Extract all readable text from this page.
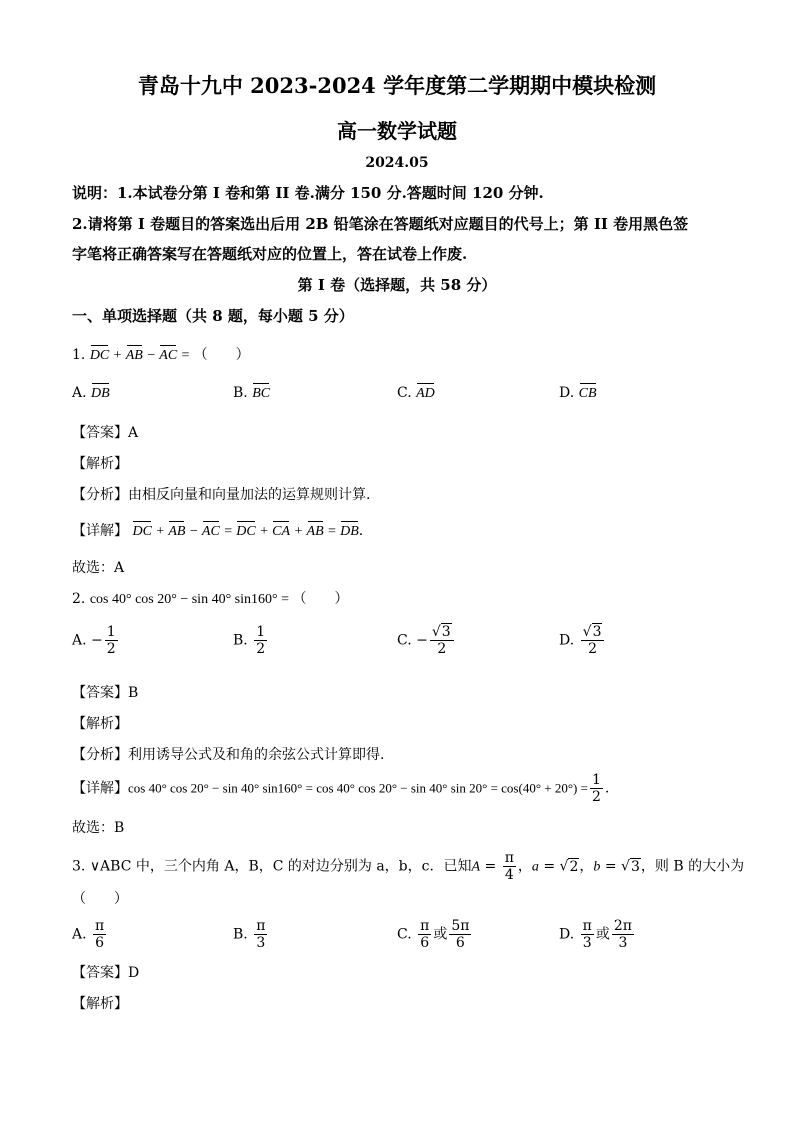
青岛十九中 2023-2024 学年度第二学期期中模块检测
高一数学试题
2024.05
说明：1.本试卷分第 I 卷和第 II 卷.满分 150 分.答题时间 120 分钟.
2.请将第 I 卷题目的答案选出后用 2B 铅笔涂在答题纸对应题目的代号上；第 II 卷用黑色签
字笔将正确答案写在答题纸对应的位置上，答在试卷上作废.
第 I 卷（选择题，共 58 分）
一、单项选择题（共 8 题，每小题 5 分）
1. DC + AB − AC = （　　）
A. DB	B. BC	C. AD	D. CB
【答案】A
【解析】
【分析】由相反向量和向量加法的运算规则计算.
【详解】 DC + AB − AC = DC + CA + AB = DB.
故选：A
2. cos 40° cos 20° − sin 40° sin160° = （　　）
A. − $\frac{1}{2}$	B. $\frac{1}{2}$	C. − $\frac{√3}{2}$	D. $\frac{√3}{2}$
【答案】B
【解析】
【分析】利用诱导公式及和角的余弦公式计算即得.
【详解】cos 40° cos 20° − sin 40° sin160° = cos 40° cos 20° − sin 40° $\sin 20^\circ = \cos(40^\circ + 20^\circ) = \frac{1}{2}$ .
故选：B
3. ∨ABC 中，三个内角 A，B，C 的对边分别为 a，b，c．已知$A = \frac{\pi}{4}$ ，a = √2，b = √3，则 B 的大小为
（　　）
A. $\frac{\pi}{6}$	B. $\frac{\pi}{3}$	C. $\frac{\pi}{6}$ 或 $\frac{5\pi}{6}$	D. $\frac{\pi}{3}$ 或 $\frac{2\pi}{3}$
【答案】D
【解析】
